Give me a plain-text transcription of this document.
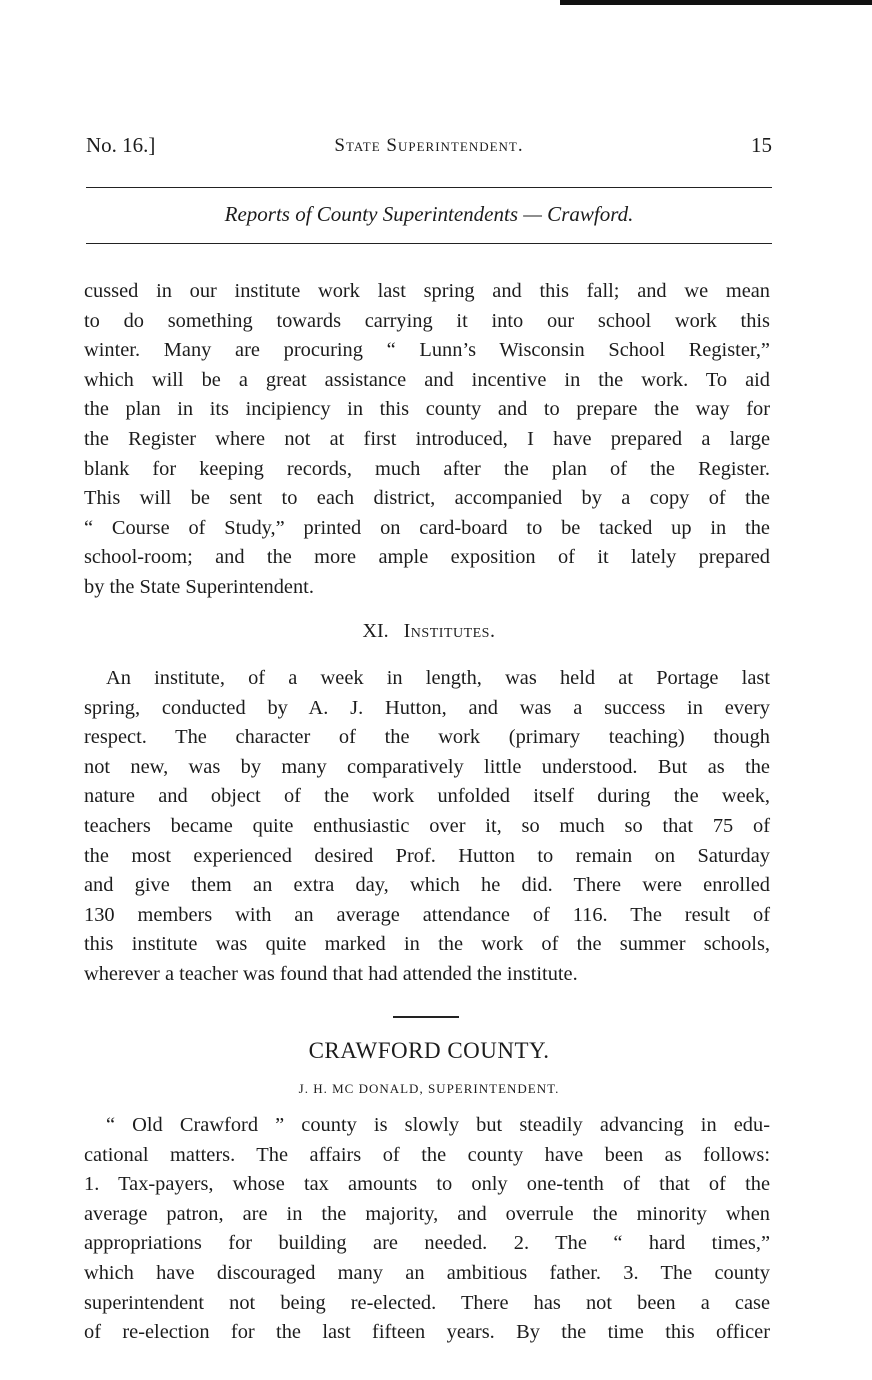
No. 16.]	State Superintendent.	15
Reports of County Superintendents — Crawford.
cussed in our institute work last spring and this fall; and we mean
to do something towards carrying it into our school work this
winter. Many are procuring “ Lunn’s Wisconsin School Register,”
which will be a great assistance and incentive in the work. To aid
the plan in its incipiency in this county and to prepare the way for
the Register where not at first introduced, I have prepared a large
blank for keeping records, much after the plan of the Register.
This will be sent to each district, accompanied by a copy of the
“ Course of Study,” printed on card-board to be tacked up in the
school-room; and the more ample exposition of it lately prepared
by the State Superintendent.
XI. Institutes.
An institute, of a week in length, was held at Portage last
spring, conducted by A. J. Hutton, and was a success in every
respect. The character of the work (primary teaching) though
not new, was by many comparatively little understood. But as the
nature and object of the work unfolded itself during the week,
teachers became quite enthusiastic over it, so much so that 75 of
the most experienced desired Prof. Hutton to remain on Saturday
and give them an extra day, which he did. There were enrolled
130 members with an average attendance of 116. The result of
this institute was quite marked in the work of the summer schools,
wherever a teacher was found that had attended the institute.
CRAWFORD COUNTY.
J. H. MC DONALD, SUPERINTENDENT.
“ Old Crawford ” county is slowly but steadily advancing in edu-
cational matters. The affairs of the county have been as follows:
1. Tax-payers, whose tax amounts to only one-tenth of that of the
average patron, are in the majority, and overrule the minority when
appropriations for building are needed. 2. The “ hard times,”
which have discouraged many an ambitious father. 3. The county
superintendent not being re-elected. There has not been a case
of re-election for the last fifteen years. By the time this officer
